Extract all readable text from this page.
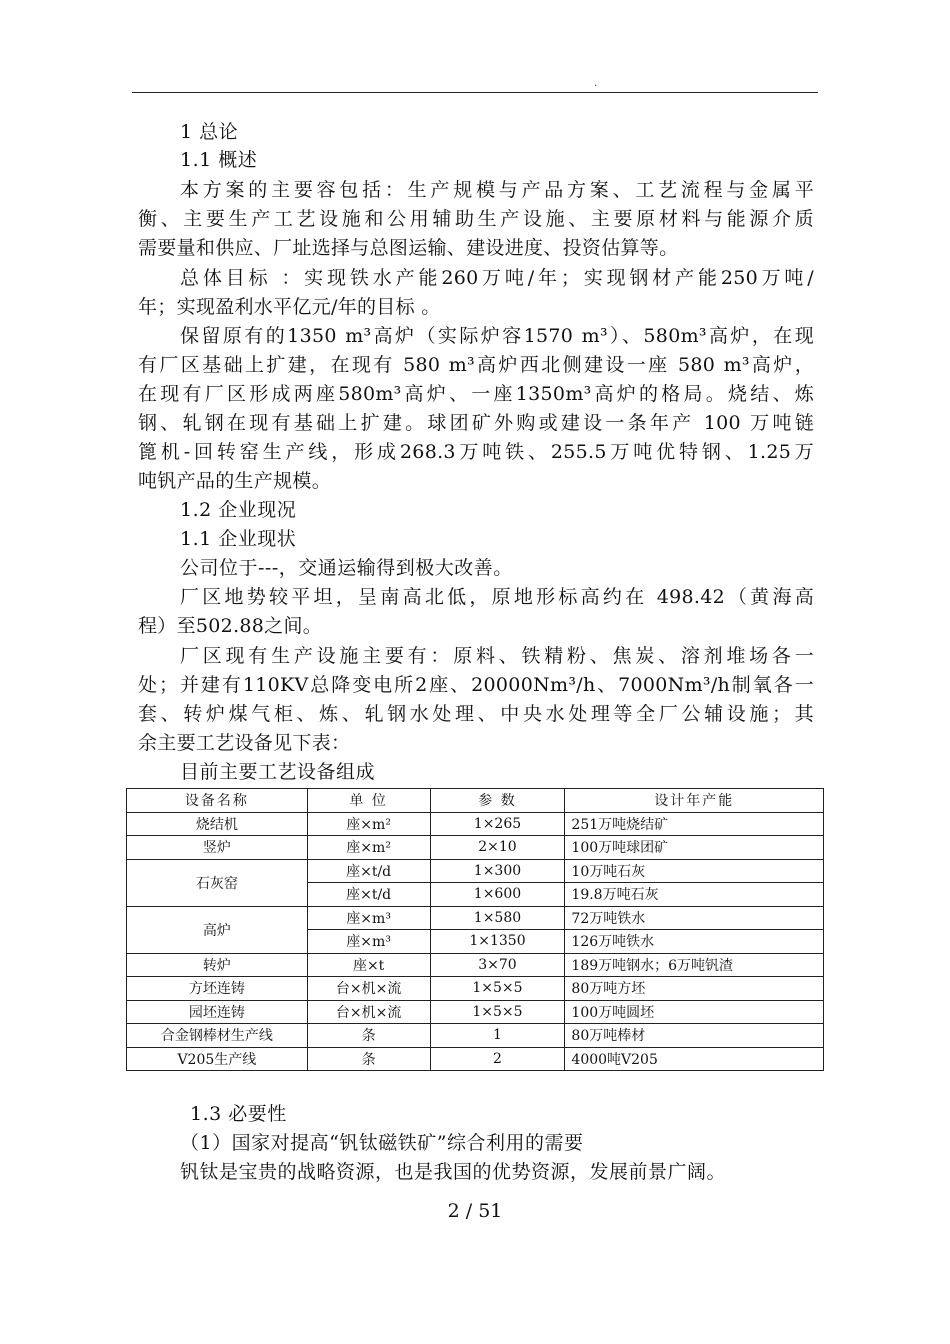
.
1 总论
1.1 概述
本方案的主要容包括：生产规模与产品方案、工艺流程与金属平
衡、主要生产工艺设施和公用辅助生产设施、主要原材料与能源介质
需要量和供应、厂址选择与总图运输、建设进度、投资估算等。
总体目标 ：实现铁水产能260万吨/年；实现钢材产能250万吨/
年；实现盈利水平亿元/年的目标 。
保留原有的1350 m³高炉（实际炉容1570 m³）、580m³高炉，在现
有厂区基础上扩建，在现有 580 m³高炉西北侧建设一座 580 m³高炉，
在现有厂区形成两座580m³高炉、一座1350m³高炉的格局。烧结、炼
钢、轧钢在现有基础上扩建。球团矿外购或建设一条年产 100 万吨链
篦机-回转窑生产线，形成268.3万吨铁、255.5万吨优特钢、1.25万
吨钒产品的生产规模。
1.2 企业现况
1.1 企业现状
公司位于---，交通运输得到极大改善。
厂区地势较平坦，呈南高北低，原地形标高约在 498.42（黄海高
程）至502.88之间。
厂区现有生产设施主要有：原料、铁精粉、焦炭、溶剂堆场各一
处；并建有110KV总降变电所2座、20000Nm³/h、7000Nm³/h制氧各一
套、转炉煤气柜、炼、轧钢水处理、中央水处理等全厂公辅设施；其
余主要工艺设备见下表：
目前主要工艺设备组成
设备名称	单 位	参 数	设计年产能
烧结机	座×m²	1×265	251万吨烧结矿
竖炉	座×m²	2×10	100万吨球团矿
石灰窑	座×t/d	1×300	10万吨石灰
	座×t/d	1×600	19.8万吨石灰
高炉	座×m³	1×580	72万吨铁水
	座×m³	1×1350	126万吨铁水
转炉	座×t	3×70	189万吨钢水；6万吨钒渣
方坯连铸	台×机×流	1×5×5	80万吨方坯
园坯连铸	台×机×流	1×5×5	100万吨圆坯
合金钢棒材生产线	条	1	80万吨棒材
V205生产线	条	2	4000吨V205
1.3 必要性
（1）国家对提高“钒钛磁铁矿”综合利用的需要
钒钛是宝贵的战略资源，也是我国的优势资源，发展前景广阔。
2 / 51
